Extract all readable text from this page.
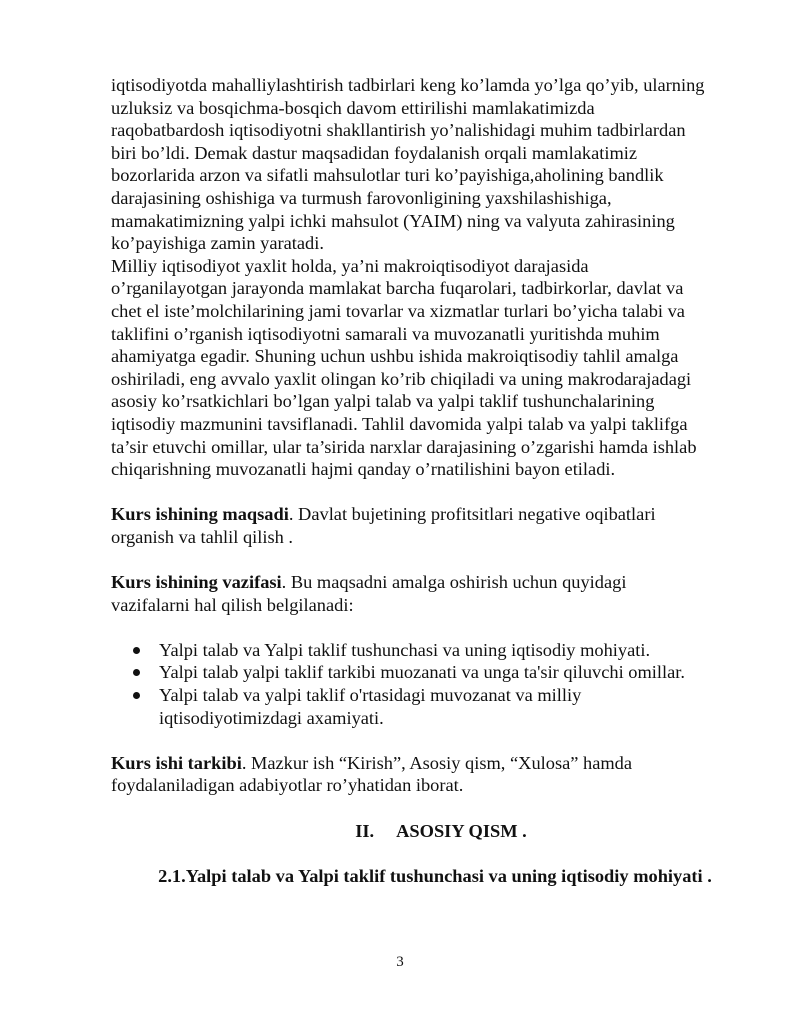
iqtisodiyotda mahalliylashtirish tadbirlari keng ko’lamda yo’lga qo’yib, ularning
uzluksiz va bosqichma-bosqich davom ettirilishi mamlakatimizda
raqobatbardosh iqtisodiyotni shakllantirish yo’nalishidagi muhim tadbirlardan
biri bo’ldi. Demak dastur maqsadidan foydalanish orqali mamlakatimiz
bozorlarida arzon va sifatli mahsulotlar turi ko’payishiga,aholining bandlik
darajasining oshishiga va turmush farovonligining yaxshilashishiga,
mamakatimizning yalpi ichki mahsulot (YAIM) ning va valyuta zahirasining
ko’payishiga zamin yaratadi.

Milliy iqtisodiyot yaxlit holda, ya’ni makroiqtisodiyot darajasida
o’rganilayotgan jarayonda mamlakat barcha fuqarolari, tadbirkorlar, davlat va
chet el iste’molchilarining jami tovarlar va xizmatlar turlari bo’yicha talabi va
taklifini o’rganish iqtisodiyotni samarali va muvozanatli yuritishda muhim
ahamiyatga egadir. Shuning uchun ushbu ishida makroiqtisodiy tahlil amalga
oshiriladi, eng avvalo yaxlit olingan ko’rib chiqiladi va uning makrodarajadagi
asosiy ko’rsatkichlari bo’lgan yalpi talab va yalpi taklif tushunchalarining
iqtisodiy mazmunini tavsiflanadi. Tahlil davomida yalpi talab va yalpi taklifga
ta’sir etuvchi omillar, ular ta’sirida narxlar darajasining o’zgarishi hamda ishlab
chiqarishning muvozanatli hajmi qanday o’rnatilishini bayon etiladi.

Kurs ishining maqsadi. Davlat bujetining profitsitlari negative oqibatlari
organish va tahlil qilish .

Kurs ishining vazifasi. Bu maqsadni amalga oshirish uchun quyidagi
vazifalarni hal qilish belgilanadi:

Yalpi talab va Yalpi taklif tushunchasi va uning iqtisodiy mohiyati.
Yalpi talab yalpi taklif tarkibi muozanati va unga ta'sir qiluvchi omillar.
Yalpi talab va yalpi taklif o'rtasidagi muvozanat va milliy
iqtisodiyotimizdagi axamiyati.

Kurs ishi tarkibi. Mazkur ish “Kirish”, Asosiy qism, “Xulosa” hamda
foydalaniladigan adabiyotlar ro’yhatidan iborat.

II. ASOSIY QISM .

2.1.Yalpi talab va Yalpi taklif tushunchasi va uning iqtisodiy mohiyati .

3
